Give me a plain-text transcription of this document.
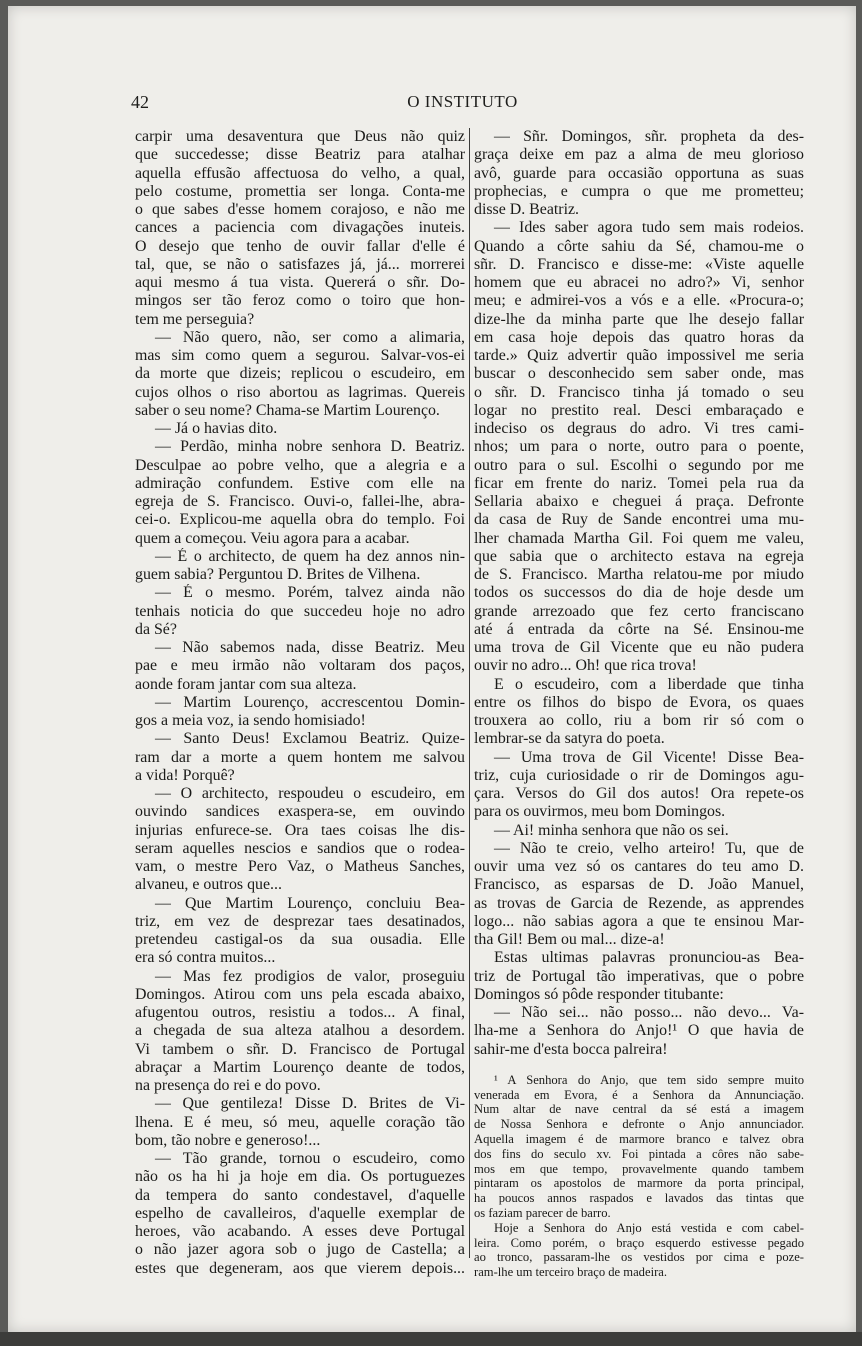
42	O INSTITUTO
carpir uma desaventura que Deus não quiz
que succedesse; disse Beatriz para atalhar
aquella effusão affectuosa do velho, a qual,
pelo costume, promettia ser longa. Conta-me
o que sabes d'esse homem corajoso, e não me
cances a paciencia com divagações inuteis.
O desejo que tenho de ouvir fallar d'elle é
tal, que, se não o satisfazes já, já... morrerei
aqui mesmo á tua vista. Quererá o sñr. Do-
mingos ser tão feroz como o toiro que hon-
tem me perseguia?
— Não quero, não, ser como a alimaria,
mas sim como quem a segurou. Salvar-vos-ei
da morte que dizeis; replicou o escudeiro, em
cujos olhos o riso abortou as lagrimas. Quereis
saber o seu nome? Chama-se Martim Lourenço.
— Já o havias dito.
— Perdão, minha nobre senhora D. Beatriz.
Desculpae ao pobre velho, que a alegria e a
admiração confundem. Estive com elle na
egreja de S. Francisco. Ouvi-o, fallei-lhe, abra-
cei-o. Explicou-me aquella obra do templo. Foi
quem a começou. Veiu agora para a acabar.
— É o architecto, de quem ha dez annos nin-
guem sabia? Perguntou D. Brites de Vilhena.
— É o mesmo. Porém, talvez ainda não
tenhais noticia do que succedeu hoje no adro
da Sé?
— Não sabemos nada, disse Beatriz. Meu
pae e meu irmão não voltaram dos paços,
aonde foram jantar com sua alteza.
— Martim Lourenço, accrescentou Domin-
gos a meia voz, ia sendo homisiado!
— Santo Deus! Exclamou Beatriz. Quize-
ram dar a morte a quem hontem me salvou
a vida! Porquê?
— O architecto, respoudeu o escudeiro, em
ouvindo sandices exaspera-se, em ouvindo
injurias enfurece-se. Ora taes coisas lhe dis-
seram aquelles nescios e sandios que o rodea-
vam, o mestre Pero Vaz, o Matheus Sanches,
alvaneu, e outros que...
— Que Martim Lourenço, concluiu Bea-
triz, em vez de desprezar taes desatinados,
pretendeu castigal-os da sua ousadia. Elle
era só contra muitos...
— Mas fez prodigios de valor, proseguiu
Domingos. Atirou com uns pela escada abaixo,
afugentou outros, resistiu a todos... A final,
a chegada de sua alteza atalhou a desordem.
Vi tambem o sñr. D. Francisco de Portugal
abraçar a Martim Lourenço deante de todos,
na presença do rei e do povo.
— Que gentileza! Disse D. Brites de Vi-
lhena. E é meu, só meu, aquelle coração tão
bom, tão nobre e generoso!...
— Tão grande, tornou o escudeiro, como
não os ha hi ja hoje em dia. Os portuguezes
da tempera do santo condestavel, d'aquelle
espelho de cavalleiros, d'aquelle exemplar de
heroes, vão acabando. A esses deve Portugal
o não jazer agora sob o jugo de Castella; a
estes que degeneram, aos que vierem depois...
— Sñr. Domingos, sñr. propheta da des-
graça deixe em paz a alma de meu glorioso
avô, guarde para occasião opportuna as suas
prophecias, e cumpra o que me prometteu;
disse D. Beatriz.
— Ides saber agora tudo sem mais rodeios.
Quando a côrte sahiu da Sé, chamou-me o
sñr. D. Francisco e disse-me: «Viste aquelle
homem que eu abracei no adro?» Vi, senhor
meu; e admirei-vos a vós e a elle. «Procura-o;
dize-lhe da minha parte que lhe desejo fallar
em casa hoje depois das quatro horas da
tarde.» Quiz advertir quão impossivel me seria
buscar o desconhecido sem saber onde, mas
o sñr. D. Francisco tinha já tomado o seu
logar no prestito real. Desci embaraçado e
indeciso os degraus do adro. Vi tres cami-
nhos; um para o norte, outro para o poente,
outro para o sul. Escolhi o segundo por me
ficar em frente do nariz. Tomei pela rua da
Sellaria abaixo e cheguei á praça. Defronte
da casa de Ruy de Sande encontrei uma mu-
lher chamada Martha Gil. Foi quem me valeu,
que sabia que o architecto estava na egreja
de S. Francisco. Martha relatou-me por miudo
todos os successos do dia de hoje desde um
grande arrezoado que fez certo franciscano
até á entrada da côrte na Sé. Ensinou-me
uma trova de Gil Vicente que eu não pudera
ouvir no adro... Oh! que rica trova!
E o escudeiro, com a liberdade que tinha
entre os filhos do bispo de Evora, os quaes
trouxera ao collo, riu a bom rir só com o
lembrar-se da satyra do poeta.
— Uma trova de Gil Vicente! Disse Bea-
triz, cuja curiosidade o rir de Domingos agu-
çara. Versos do Gil dos autos! Ora repete-os
para os ouvirmos, meu bom Domingos.
— Ai! minha senhora que não os sei.
— Não te creio, velho arteiro! Tu, que de
ouvir uma vez só os cantares do teu amo D.
Francisco, as esparsas de D. João Manuel,
as trovas de Garcia de Rezende, as apprendes
logo... não sabias agora a que te ensinou Mar-
tha Gil! Bem ou mal... dize-a!
Estas ultimas palavras pronunciou-as Bea-
triz de Portugal tão imperativas, que o pobre
Domingos só pôde responder titubante:
— Não sei... não posso... não devo... Va-
lha-me a Senhora do Anjo!¹ O que havia de
sahir-me d'esta bocca palreira!
¹ A Senhora do Anjo, que tem sido sempre muito
venerada em Evora, é a Senhora da Annunciação.
Num altar de nave central da sé está a imagem
de Nossa Senhora e defronte o Anjo annunciador.
Aquella imagem é de marmore branco e talvez obra
dos fins do seculo xv. Foi pintada a côres não sabe-
mos em que tempo, provavelmente quando tambem
pintaram os apostolos de marmore da porta principal,
ha poucos annos raspados e lavados das tintas que
os faziam parecer de barro.
Hoje a Senhora do Anjo está vestida e com cabel-
leira. Como porém, o braço esquerdo estivesse pegado
ao tronco, passaram-lhe os vestidos por cima e poze-
ram-lhe um terceiro braço de madeira.
